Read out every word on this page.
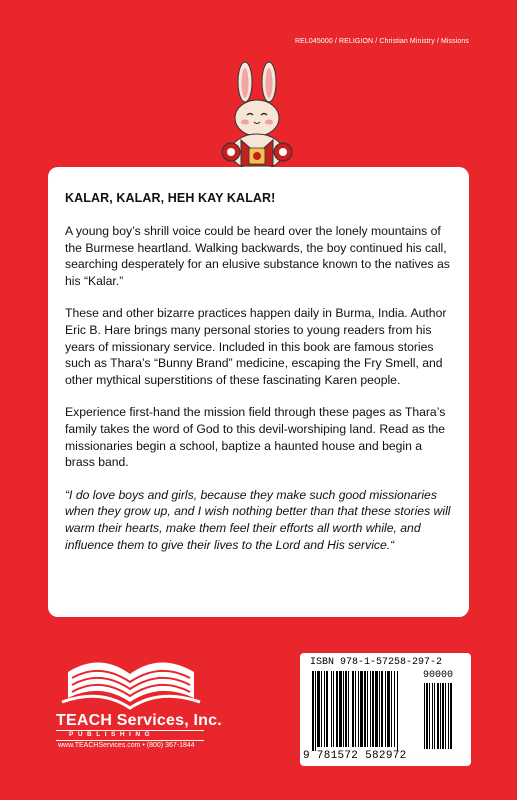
REL045000 / RELIGION / Christian Ministry / Missions

KALAR, KALAR, HEH KAY KALAR!

A young boy’s shrill voice could be heard over the lonely mountains of the Burmese heartland. Walking backwards, the boy continued his call, searching desperately for an elusive substance known to the natives as his “Kalar.”

These and other bizarre practices happen daily in Burma, India. Author Eric B. Hare brings many personal stories to young readers from his years of missionary service. Included in this book are famous stories such as Thara’s “Bunny Brand” medicine, escaping the Fry Smell, and other mythical superstitions of these fascinating Karen people.

Experience first-hand the mission field through these pages as Thara’s family takes the word of God to this devil-worshiping land. Read as the missionaries begin a school, baptize a haunted house and begin a brass band.

“I do love boys and girls, because they make such good missionaries when they grow up, and I wish nothing better than that these stories will warm their hearts, make them feel their efforts all worth while, and influence them to give their lives to the Lord and His service.“

TEACH Services, Inc.
PUBLISHING
www.TEACHServices.com • (800) 367-1844
ISBN 978-1-57258-297-2
90000
9 781572 582972
